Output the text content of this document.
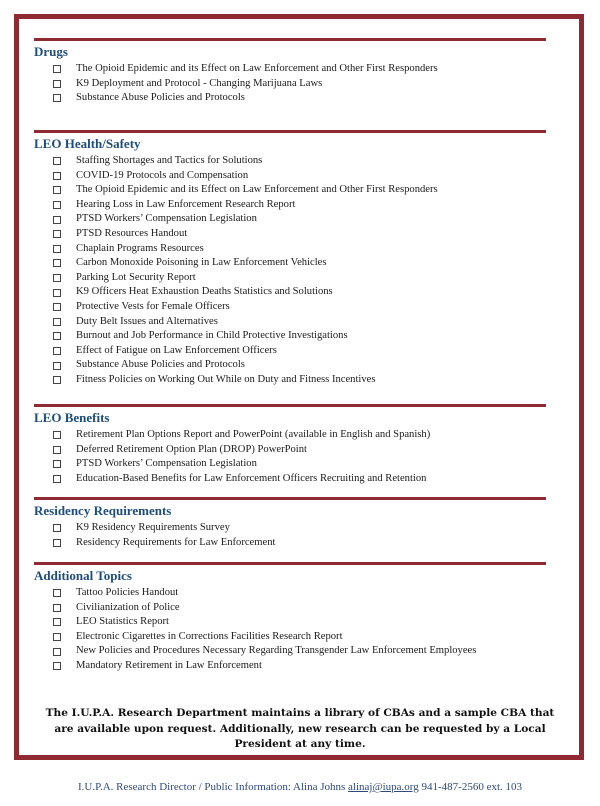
Drugs
The Opioid Epidemic and its Effect on Law Enforcement and Other First Responders
K9 Deployment and Protocol - Changing Marijuana Laws
Substance Abuse Policies and Protocols
LEO Health/Safety
Staffing Shortages and Tactics for Solutions
COVID-19 Protocols and Compensation
The Opioid Epidemic and its Effect on Law Enforcement and Other First Responders
Hearing Loss in Law Enforcement Research Report
PTSD Workers’ Compensation Legislation
PTSD Resources Handout
Chaplain Programs Resources
Carbon Monoxide Poisoning in Law Enforcement Vehicles
Parking Lot Security Report
K9 Officers Heat Exhaustion Deaths Statistics and Solutions
Protective Vests for Female Officers
Duty Belt Issues and Alternatives
Burnout and Job Performance in Child Protective Investigations
Effect of Fatigue on Law Enforcement Officers
Substance Abuse Policies and Protocols
Fitness Policies on Working Out While on Duty and Fitness Incentives
LEO Benefits
Retirement Plan Options Report and PowerPoint (available in English and Spanish)
Deferred Retirement Option Plan (DROP) PowerPoint
PTSD Workers’ Compensation Legislation
Education-Based Benefits for Law Enforcement Officers Recruiting and Retention
Residency Requirements
K9 Residency Requirements Survey
Residency Requirements for Law Enforcement
Additional Topics
Tattoo Policies Handout
Civilianization of Police
LEO Statistics Report
Electronic Cigarettes in Corrections Facilities Research Report
New Policies and Procedures Necessary Regarding Transgender Law Enforcement Employees
Mandatory Retirement in Law Enforcement

The I.U.P.A. Research Department maintains a library of CBAs and a sample CBA that are available upon request. Additionally, new research can be requested by a Local President at any time.

I.U.P.A. Research Director / Public Information: Alina Johns alinaj@iupa.org 941-487-2560 ext. 103
